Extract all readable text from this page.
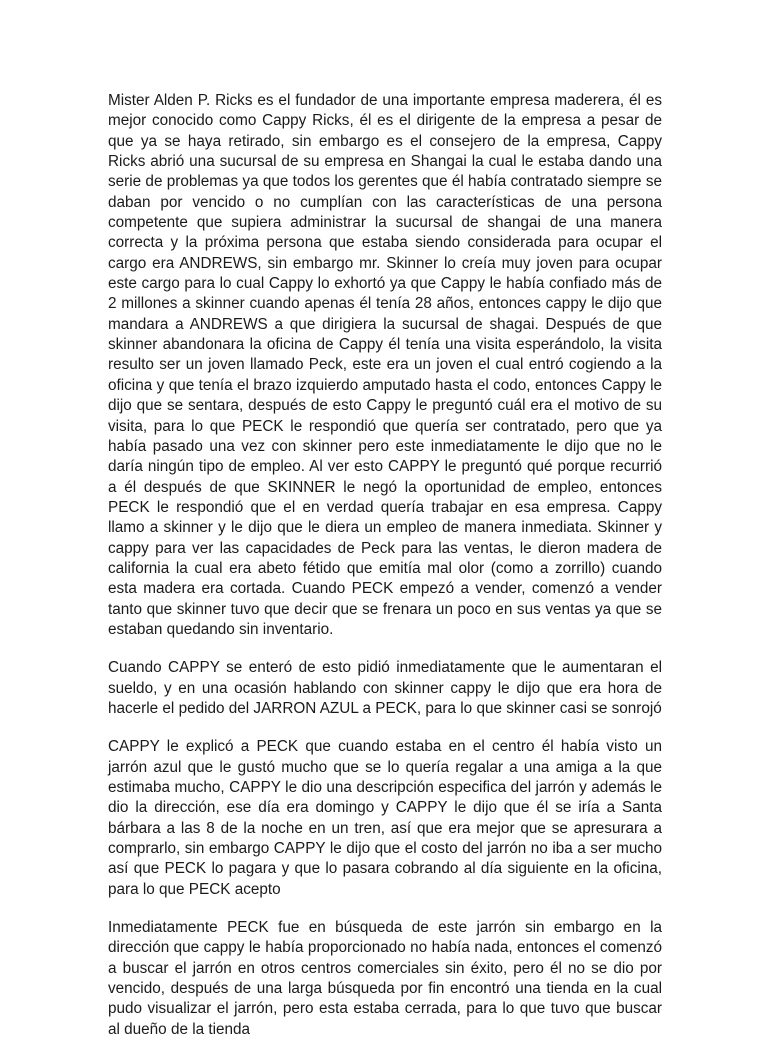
Mister Alden P. Ricks es el fundador de una importante empresa maderera, él es mejor conocido como Cappy Ricks, él es el dirigente de la empresa a pesar de que ya se haya retirado, sin embargo es el consejero de la empresa, Cappy Ricks abrió una sucursal de su empresa en Shangai la cual le estaba dando una serie de problemas ya que todos los gerentes que él había contratado siempre se daban por vencido o no cumplían con las características de una persona competente que supiera administrar la sucursal de shangai de una manera correcta y la próxima persona que estaba siendo considerada para ocupar el cargo era ANDREWS, sin embargo mr. Skinner lo creía muy joven para ocupar este cargo para lo cual Cappy lo exhortó ya que Cappy le había confiado más de 2 millones a skinner cuando apenas él tenía 28 años, entonces cappy le dijo que mandara a ANDREWS a que dirigiera la sucursal de shagai. Después de que skinner abandonara la oficina de Cappy él tenía una visita esperándolo, la visita resulto ser un joven llamado Peck, este era un joven el cual entró cogiendo a la oficina y que tenía el brazo izquierdo amputado hasta el codo, entonces Cappy le dijo que se sentara, después de esto Cappy le preguntó cuál era el motivo de su visita, para lo que PECK le respondió que quería ser contratado, pero que ya había pasado una vez con skinner pero este inmediatamente le dijo que no le daría ningún tipo de empleo. Al ver esto CAPPY le preguntó qué porque recurrió a él después de que SKINNER le negó la oportunidad de empleo, entonces PECK le respondió que el en verdad quería trabajar en esa empresa. Cappy llamo a skinner y le dijo que le diera un empleo de manera inmediata. Skinner y cappy para ver las capacidades de Peck para las ventas, le dieron madera de california la cual era abeto fétido que emitía mal olor (como a zorrillo) cuando esta madera era cortada. Cuando PECK empezó a vender, comenzó a vender tanto que skinner tuvo que decir que se frenara un poco en sus ventas ya que se estaban quedando sin inventario.

Cuando CAPPY se enteró de esto pidió inmediatamente que le aumentaran el sueldo, y en una ocasión hablando con skinner cappy le dijo que era hora de hacerle el pedido del JARRON AZUL a PECK, para lo que skinner casi se sonrojó

CAPPY le explicó a PECK que cuando estaba en el centro él había visto un jarrón azul que le gustó mucho que se lo quería regalar a una amiga a la que estimaba mucho, CAPPY le dio una descripción especifica del jarrón y además le dio la dirección, ese día era domingo y CAPPY le dijo que él se iría a Santa bárbara a las 8 de la noche en un tren, así que era mejor que se apresurara a comprarlo, sin embargo CAPPY le dijo que el costo del jarrón no iba a ser mucho así que PECK lo pagara y que lo pasara cobrando al día siguiente en la oficina, para lo que PECK acepto

Inmediatamente PECK fue en búsqueda de este jarrón sin embargo en la dirección que cappy le había proporcionado no había nada, entonces el comenzó a buscar el jarrón en otros centros comerciales sin éxito, pero él no se dio por vencido, después de una larga búsqueda por fin encontró una tienda en la cual pudo visualizar el jarrón, pero esta estaba cerrada, para lo que tuvo que buscar al dueño de la tienda
